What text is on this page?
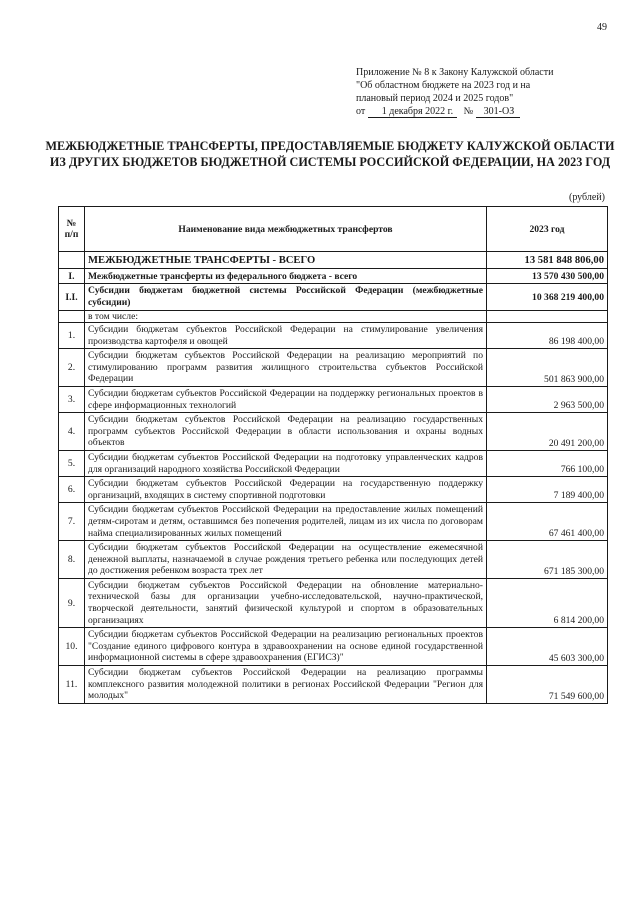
49
Приложение № 8 к Закону Калужской области
"Об областном бюджете на 2023 год и на
плановый период 2024 и 2025 годов"
от 1 декабря 2022 г. № 301-ОЗ
МЕЖБЮДЖЕТНЫЕ ТРАНСФЕРТЫ, ПРЕДОСТАВЛЯЕМЫЕ БЮДЖЕТУ КАЛУЖСКОЙ ОБЛАСТИ ИЗ ДРУГИХ БЮДЖЕТОВ БЮДЖЕТНОЙ СИСТЕМЫ РОССИЙСКОЙ ФЕДЕРАЦИИ, НА 2023 ГОД
(рублей)
№ п/п	Наименование вида межбюджетных трансфертов	2023 год
	МЕЖБЮДЖЕТНЫЕ ТРАНСФЕРТЫ - ВСЕГО	13 581 848 806,00
I.	Межбюджетные трансферты из федерального бюджета - всего	13 570 430 500,00
I.I.	Субсидии бюджетам бюджетной системы Российской Федерации (межбюджетные субсидии)	10 368 219 400,00
	в том числе:	
1.	Субсидии бюджетам субъектов Российской Федерации на стимулирование увеличения производства картофеля и овощей	86 198 400,00
2.	Субсидии бюджетам субъектов Российской Федерации на реализацию мероприятий по стимулированию программ развития жилищного строительства субъектов Российской Федерации	501 863 900,00
3.	Субсидии бюджетам субъектов Российской Федерации на поддержку региональных проектов в сфере информационных технологий	2 963 500,00
4.	Субсидии бюджетам субъектов Российской Федерации на реализацию государственных программ субъектов Российской Федерации в области использования и охраны водных объектов	20 491 200,00
5.	Субсидии бюджетам субъектов Российской Федерации на подготовку управленческих кадров для организаций народного хозяйства Российской Федерации	766 100,00
6.	Субсидии бюджетам субъектов Российской Федерации на государственную поддержку организаций, входящих в систему спортивной подготовки	7 189 400,00
7.	Субсидии бюджетам субъектов Российской Федерации на предоставление жилых помещений детям-сиротам и детям, оставшимся без попечения родителей, лицам из их числа по договорам найма специализированных жилых помещений	67 461 400,00
8.	Субсидии бюджетам субъектов Российской Федерации на осуществление ежемесячной денежной выплаты, назначаемой в случае рождения третьего ребенка или последующих детей до достижения ребенком возраста трех лет	671 185 300,00
9.	Субсидии бюджетам субъектов Российской Федерации на обновление материально-технической базы для организации учебно-исследовательской, научно-практической, творческой деятельности, занятий физической культурой и спортом в образовательных организациях	6 814 200,00
10.	Субсидии бюджетам субъектов Российской Федерации на реализацию региональных проектов "Создание единого цифрового контура в здравоохранении на основе единой государственной информационной системы в сфере здравоохранения (ЕГИСЗ)"	45 603 300,00
11.	Субсидии бюджетам субъектов Российской Федерации на реализацию программы комплексного развития молодежной политики в регионах Российской Федерации "Регион для молодых"	71 549 600,00
